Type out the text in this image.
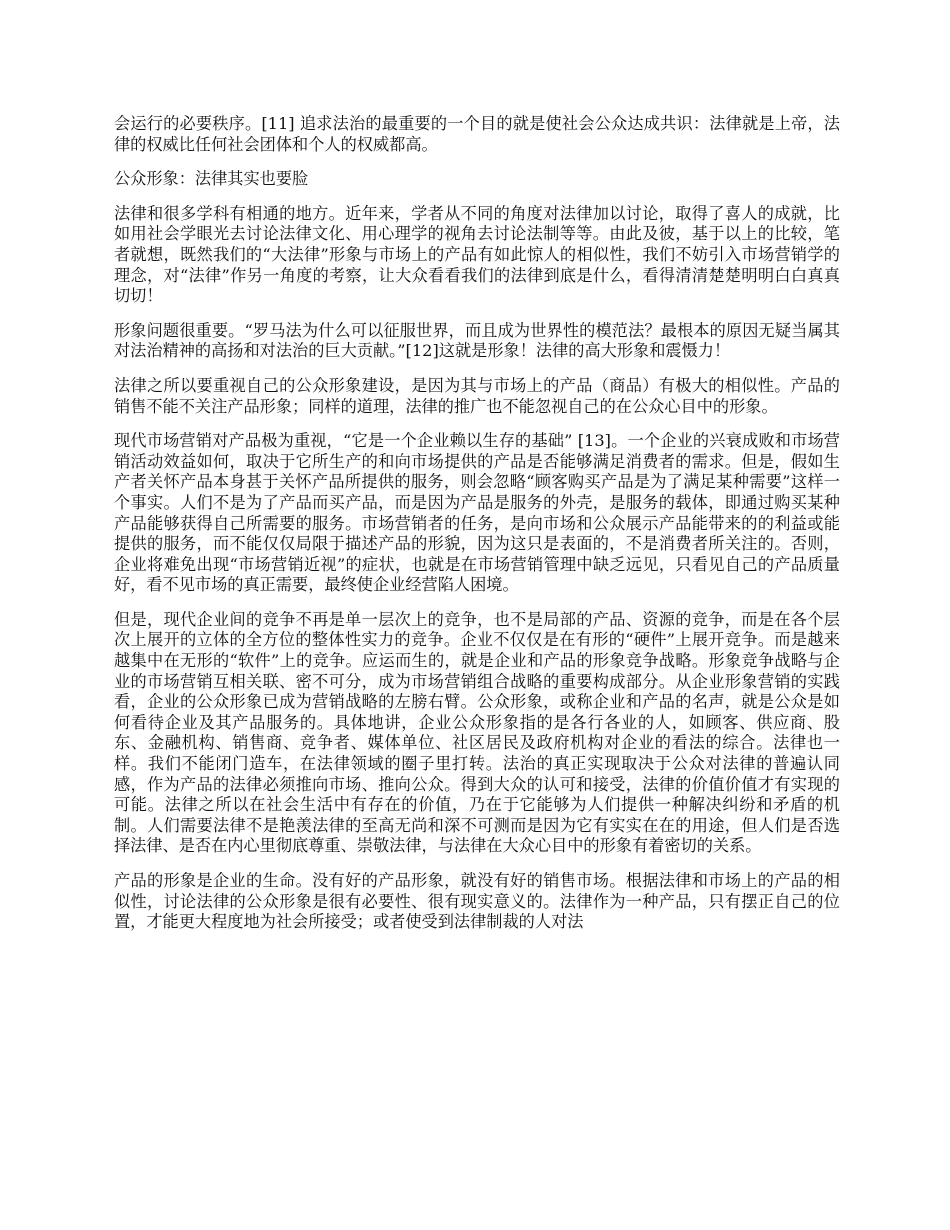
会运行的必要秩序。[11] 追求法治的最重要的一个目的就是使社会公众达成共识：法律就是上帝，法律的权威比任何社会团体和个人的权威都高。

公众形象：法律其实也要脸

法律和很多学科有相通的地方。近年来，学者从不同的角度对法律加以讨论，取得了喜人的成就，比如用社会学眼光去讨论法律文化、用心理学的视角去讨论法制等等。由此及彼，基于以上的比较，笔者就想，既然我们的“大法律”形象与市场上的产品有如此惊人的相似性，我们不妨引入市场营销学的理念，对“法律”作另一角度的考察，让大众看看我们的法律到底是什么，看得清清楚楚明明白白真真切切！

形象问题很重要。“罗马法为什么可以征服世界，而且成为世界性的模范法？最根本的原因无疑当属其对法治精神的高扬和对法治的巨大贡献。”[12]这就是形象！法律的高大形象和震慑力！

法律之所以要重视自己的公众形象建设，是因为其与市场上的产品（商品）有极大的相似性。产品的销售不能不关注产品形象；同样的道理，法律的推广也不能忽视自己的在公众心目中的形象。

现代市场营销对产品极为重视，“它是一个企业赖以生存的基础” [13]。一个企业的兴衰成败和市场营销活动效益如何，取决于它所生产的和向市场提供的产品是否能够满足消费者的需求。但是，假如生产者关怀产品本身甚于关怀产品所提供的服务，则会忽略“顾客购买产品是为了满足某种需要”这样一个事实。人们不是为了产品而买产品，而是因为产品是服务的外壳，是服务的载体，即通过购买某种产品能够获得自己所需要的服务。市场营销者的任务，是向市场和公众展示产品能带来的的利益或能提供的服务，而不能仅仅局限于描述产品的形貌，因为这只是表面的，不是消费者所关注的。否则，企业将难免出现“市场营销近视”的症状，也就是在市场营销管理中缺乏远见，只看见自己的产品质量好，看不见市场的真正需要，最终使企业经营陷人困境。

但是，现代企业间的竞争不再是单一层次上的竞争，也不是局部的产品、资源的竞争，而是在各个层次上展开的立体的全方位的整体性实力的竞争。企业不仅仅是在有形的“硬件”上展开竞争。而是越来越集中在无形的“软件”上的竞争。应运而生的，就是企业和产品的形象竞争战略。形象竞争战略与企业的市场营销互相关联、密不可分，成为市场营销组合战略的重要构成部分。从企业形象营销的实践看，企业的公众形象已成为营销战略的左膀右臂。公众形象，或称企业和产品的名声，就是公众是如何看待企业及其产品服务的。具体地讲，企业公众形象指的是各行各业的人，如顾客、供应商、股东、金融机构、销售商、竞争者、媒体单位、社区居民及政府机构对企业的看法的综合。法律也一样。我们不能闭门造车，在法律领域的圈子里打转。法治的真正实现取决于公众对法律的普遍认同感，作为产品的法律必须推向市场、推向公众。得到大众的认可和接受，法律的价值价值才有实现的可能。法律之所以在社会生活中有存在的价值，乃在于它能够为人们提供一种解决纠纷和矛盾的机制。人们需要法律不是艳羡法律的至高无尚和深不可测而是因为它有实实在在的用途，但人们是否选择法律、是否在内心里彻底尊重、崇敬法律，与法律在大众心目中的形象有着密切的关系。

产品的形象是企业的生命。没有好的产品形象，就没有好的销售市场。根据法律和市场上的产品的相似性，讨论法律的公众形象是很有必要性、很有现实意义的。法律作为一种产品，只有摆正自己的位置，才能更大程度地为社会所接受；或者使受到法律制裁的人对法
